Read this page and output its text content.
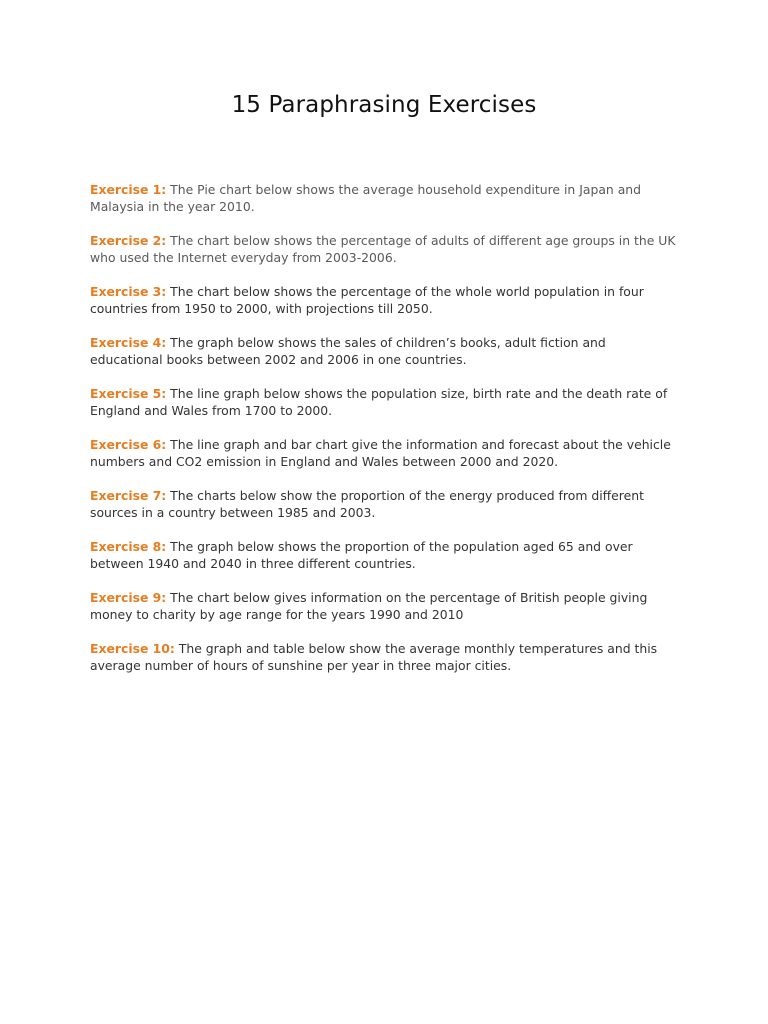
15 Paraphrasing Exercises
Exercise 1: The Pie chart below shows the average household expenditure in Japan and Malaysia in the year 2010.
Exercise 2: The chart below shows the percentage of adults of different age groups in the UK who used the Internet everyday from 2003-2006.
Exercise 3: The chart below shows the percentage of the whole world population in four countries from 1950 to 2000, with projections till 2050.
Exercise 4: The graph below shows the sales of children’s books, adult fiction and educational books between 2002 and 2006 in one countries.
Exercise 5: The line graph below shows the population size, birth rate and the death rate of England and Wales from 1700 to 2000.
Exercise 6: The line graph and bar chart give the information and forecast about the vehicle numbers and CO2 emission in England and Wales between 2000 and 2020.
Exercise 7: The charts below show the proportion of the energy produced from different sources in a country between 1985 and 2003.
Exercise 8: The graph below shows the proportion of the population aged 65 and over between 1940 and 2040 in three different countries.
Exercise 9: The chart below gives information on the percentage of British people giving money to charity by age range for the years 1990 and 2010
Exercise 10: The graph and table below show the average monthly temperatures and this average number of hours of sunshine per year in three major cities.
